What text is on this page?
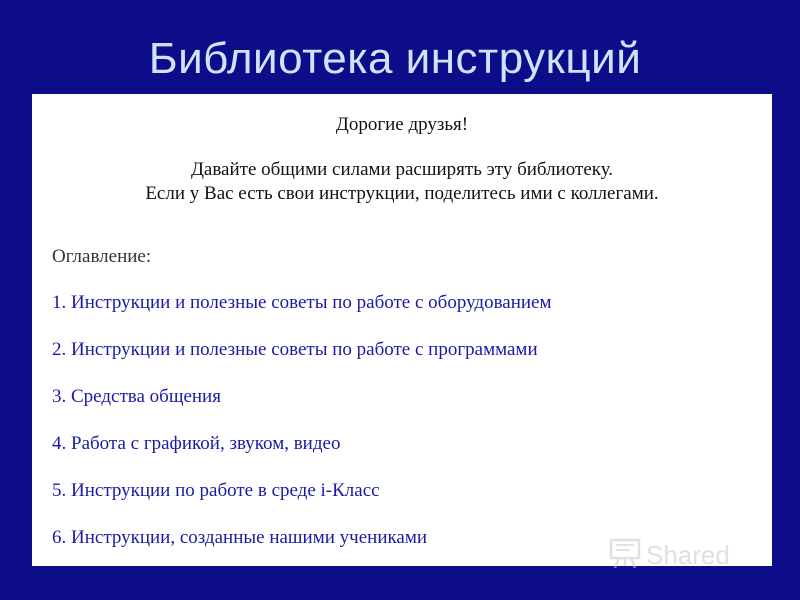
Библиотека инструкций
Дорогие друзья!
Давайте общими силами расширять эту библиотеку.
Если у Вас есть свои инструкции, поделитесь ими с коллегами.
Оглавление:
1. Инструкции и полезные советы по работе с оборудованием
2. Инструкции и полезные советы по работе с программами
3. Средства общения
4. Работа с графикой, звуком, видео
5. Инструкции по работе в среде i-Класс
6. Инструкции, созданные нашими учениками
Shared
